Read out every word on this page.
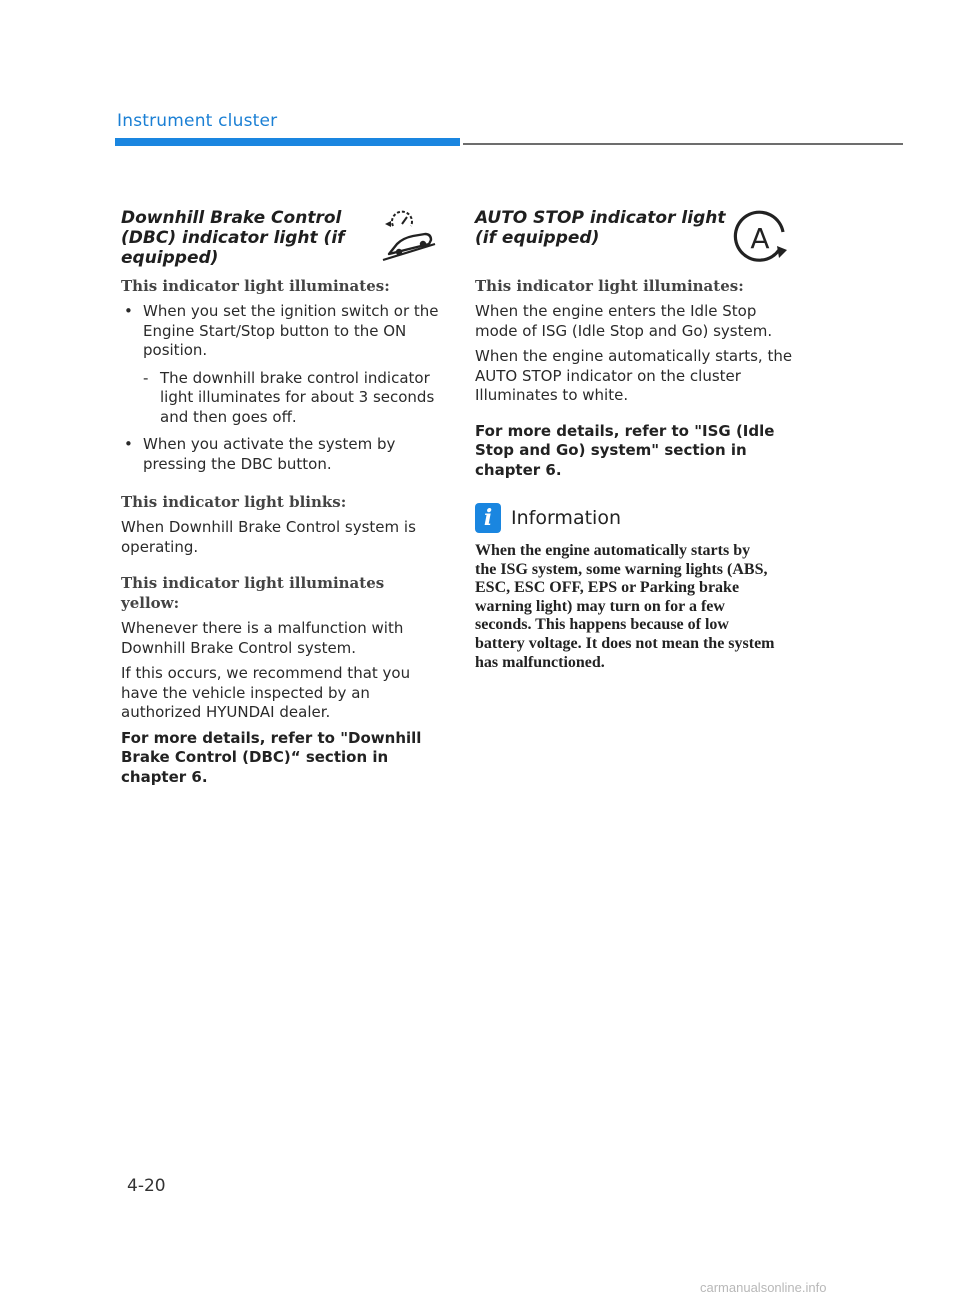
Instrument cluster
Downhill Brake Control (DBC) indicator light (if equipped)
This indicator light illuminates:
• When you set the ignition switch or the Engine Start/Stop button to the ON position.
- The downhill brake control indicator light illuminates for about 3 seconds and then goes off.
• When you activate the system by pressing the DBC button.
This indicator light blinks:
When Downhill Brake Control system is operating.
This indicator light illuminates yellow:
Whenever there is a malfunction with Downhill Brake Control system.
If this occurs, we recommend that you have the vehicle inspected by an authorized HYUNDAI dealer.
For more details, refer to "Downhill Brake Control (DBC)“ section in chapter 6.
AUTO STOP indicator light (if equipped)	A
This indicator light illuminates:
When the engine enters the Idle Stop mode of ISG (Idle Stop and Go) system.
When the engine automatically starts, the AUTO STOP indicator on the cluster Illuminates to white.
For more details, refer to "ISG (Idle Stop and Go) system" section in chapter 6.
i Information
When the engine automatically starts by the ISG system, some warning lights (ABS, ESC, ESC OFF, EPS or Parking brake warning light) may turn on for a few seconds. This happens because of low battery voltage. It does not mean the system has malfunctioned.
4-20
carmanualsonline.info
